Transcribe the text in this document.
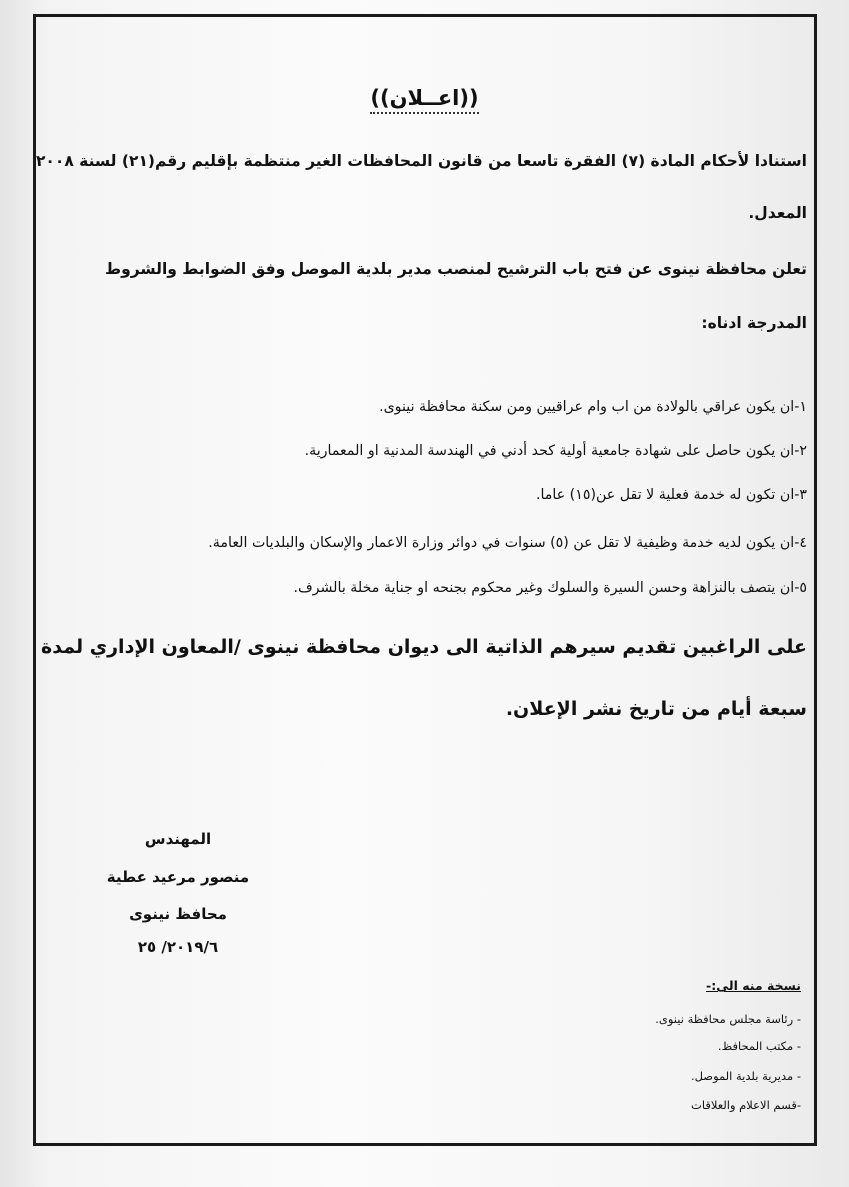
((اعــلان))
استنادا لأحكام المادة (٧) الفقرة تاسعا من قانون المحافظات الغير منتظمة بإقليم رقم(٢١) لسنة ٢٠٠٨
المعدل.
تعلن محافظة نينوى عن فتح باب الترشيح لمنصب مدير بلدية الموصل وفق الضوابط والشروط
المدرجة ادناه:
١-ان يكون عراقي بالولادة من اب وام عراقيين ومن سكنة محافظة نينوى.
٢-ان يكون حاصل على شهادة جامعية أولية كحد أدني في الهندسة المدنية او المعمارية.
٣-ان تكون له خدمة فعلية لا تقل عن(١٥) عاما.
٤-ان يكون لديه خدمة وظيفية لا تقل عن (٥) سنوات في دوائر وزارة الاعمار والإسكان والبلديات العامة.
٥-ان يتصف بالنزاهة وحسن السيرة والسلوك وغير محكوم بجنحه او جناية مخلة بالشرف.
على الراغبين تقديم سيرهم الذاتية الى ديوان محافظة نينوى /المعاون الإداري لمدة
سبعة أيام من تاريخ نشر الإعلان.
المهندس
منصور مرعيد عطية
محافظ نينوى
٢٠١٩/٦/ ٢٥
نسخة منه الى:-
- رئاسة مجلس محافظة نينوى.
- مكتب المحافظ.
- مديرية بلدية الموصل.
-قسم الاعلام والعلاقات
